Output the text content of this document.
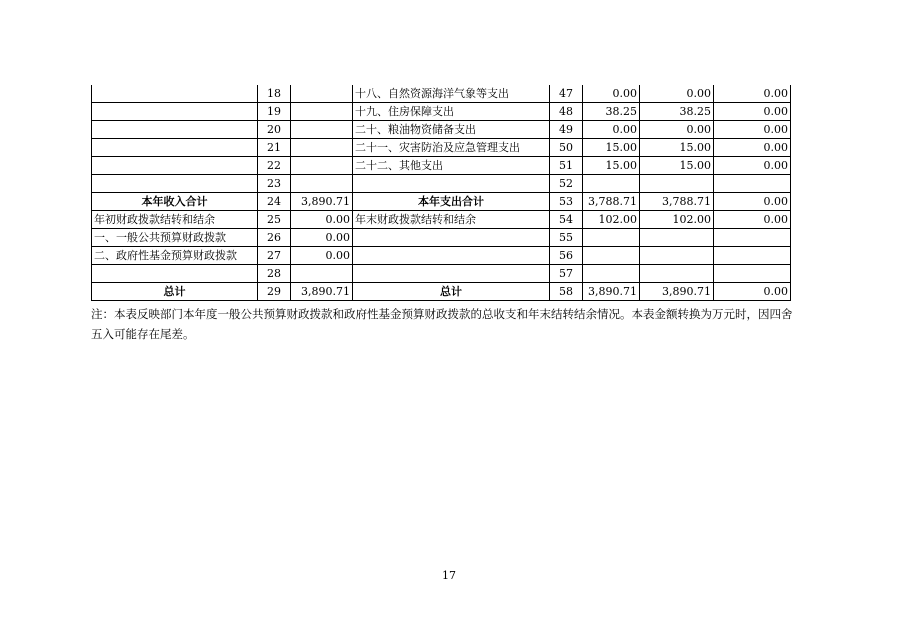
	18		十八、自然资源海洋气象等支出	47	0.00	0.00	0.00
	19		十九、住房保障支出	48	38.25	38.25	0.00
	20		二十、粮油物资储备支出	49	0.00	0.00	0.00
	21		二十一、灾害防治及应急管理支出	50	15.00	15.00	0.00
	22		二十二、其他支出	51	15.00	15.00	0.00
	23			52			
本年收入合计	24	3,890.71	本年支出合计	53	3,788.71	3,788.71	0.00
年初财政拨款结转和结余	25	0.00	年末财政拨款结转和结余	54	102.00	102.00	0.00
一、一般公共预算财政拨款	26	0.00		55			
二、政府性基金预算财政拨款	27	0.00		56			
	28			57			
总计	29	3,890.71	总计	58	3,890.71	3,890.71	0.00

注：本表反映部门本年度一般公共预算财政拨款和政府性基金预算财政拨款的总收支和年末结转结余情况。本表金额转换为万元时，因四舍五入可能存在尾差。

17
